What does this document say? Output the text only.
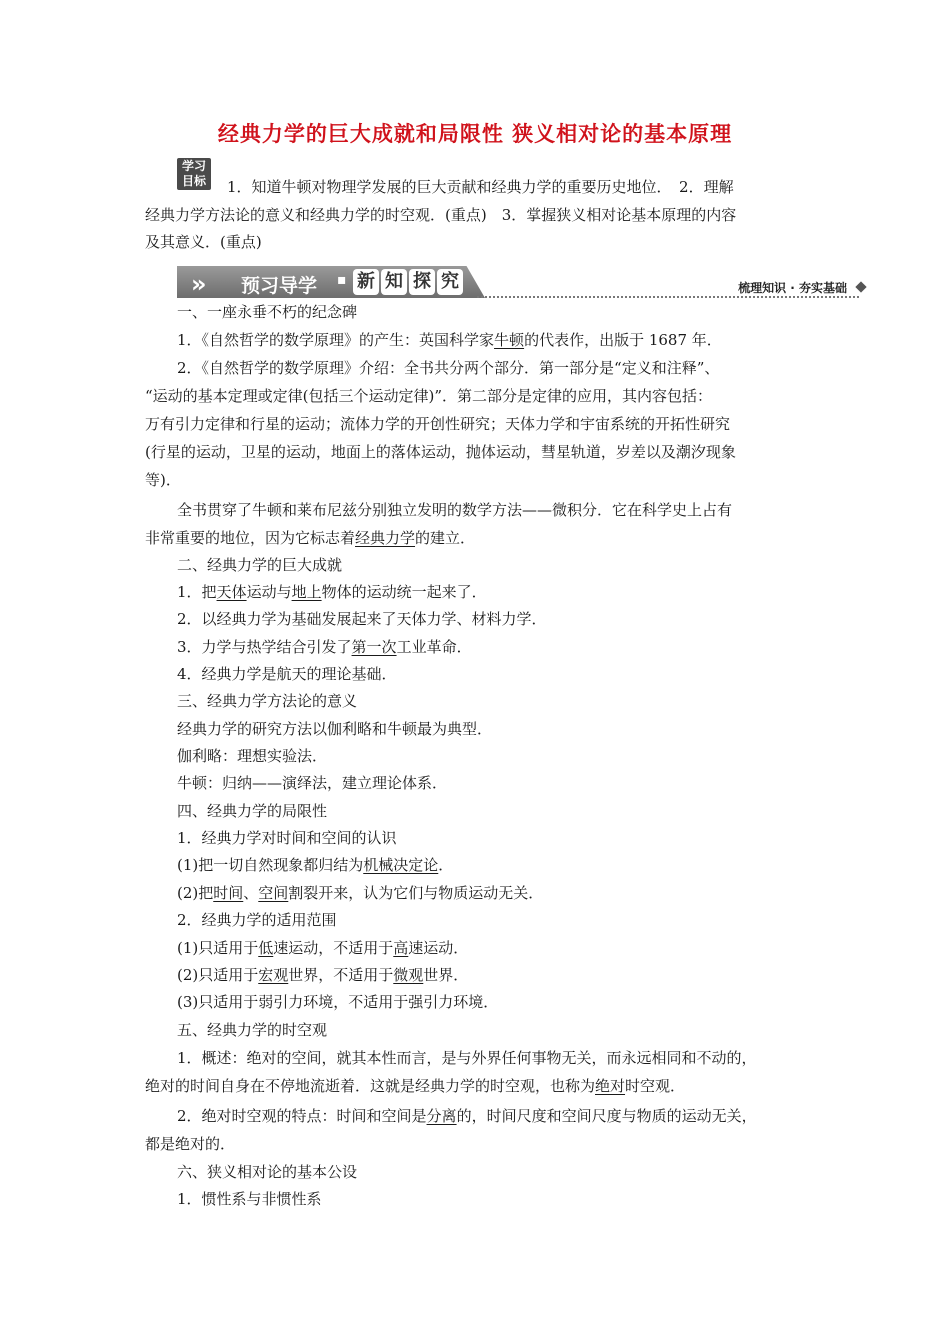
经典力学的巨大成就和局限性 狭义相对论的基本原理
学习
目标	1．知道牛顿对物理学发展的巨大贡献和经典力学的重要历史地位．　2．理解
经典力学方法论的意义和经典力学的时空观．(重点)　3．掌握狭义相对论基本原理的内容
及其意义．(重点)
» 预习导学 ▪ 新 知 探 究	梳理知识 · 夯实基础
一、一座永垂不朽的纪念碑
1．《自然哲学的数学原理》的产生：英国科学家牛顿的代表作，出版于 1687 年．
2．《自然哲学的数学原理》介绍：全书共分两个部分．第一部分是“定义和注释”、
“运动的基本定理或定律(包括三个运动定律)”．第二部分是定律的应用，其内容包括：
万有引力定律和行星的运动；流体力学的开创性研究；天体力学和宇宙系统的开拓性研究
(行星的运动，卫星的运动，地面上的落体运动，抛体运动，彗星轨道，岁差以及潮汐现象
等)．
全书贯穿了牛顿和莱布尼兹分别独立发明的数学方法——微积分．它在科学史上占有
非常重要的地位，因为它标志着经典力学的建立．
二、经典力学的巨大成就
1．把天体运动与地上物体的运动统一起来了．
2．以经典力学为基础发展起来了天体力学、材料力学．
3．力学与热学结合引发了第一次工业革命．
4．经典力学是航天的理论基础．
三、经典力学方法论的意义
经典力学的研究方法以伽利略和牛顿最为典型．
伽利略：理想实验法．
牛顿：归纳——演绎法，建立理论体系．
四、经典力学的局限性
1．经典力学对时间和空间的认识
(1)把一切自然现象都归结为机械决定论．
(2)把时间、空间割裂开来，认为它们与物质运动无关．
2．经典力学的适用范围
(1)只适用于低速运动，不适用于高速运动．
(2)只适用于宏观世界，不适用于微观世界．
(3)只适用于弱引力环境，不适用于强引力环境．
五、经典力学的时空观
1．概述：绝对的空间，就其本性而言，是与外界任何事物无关，而永远相同和不动的，
绝对的时间自身在不停地流逝着．这就是经典力学的时空观，也称为绝对时空观．
2．绝对时空观的特点：时间和空间是分离的，时间尺度和空间尺度与物质的运动无关，
都是绝对的．
六、狭义相对论的基本公设
1．惯性系与非惯性系
